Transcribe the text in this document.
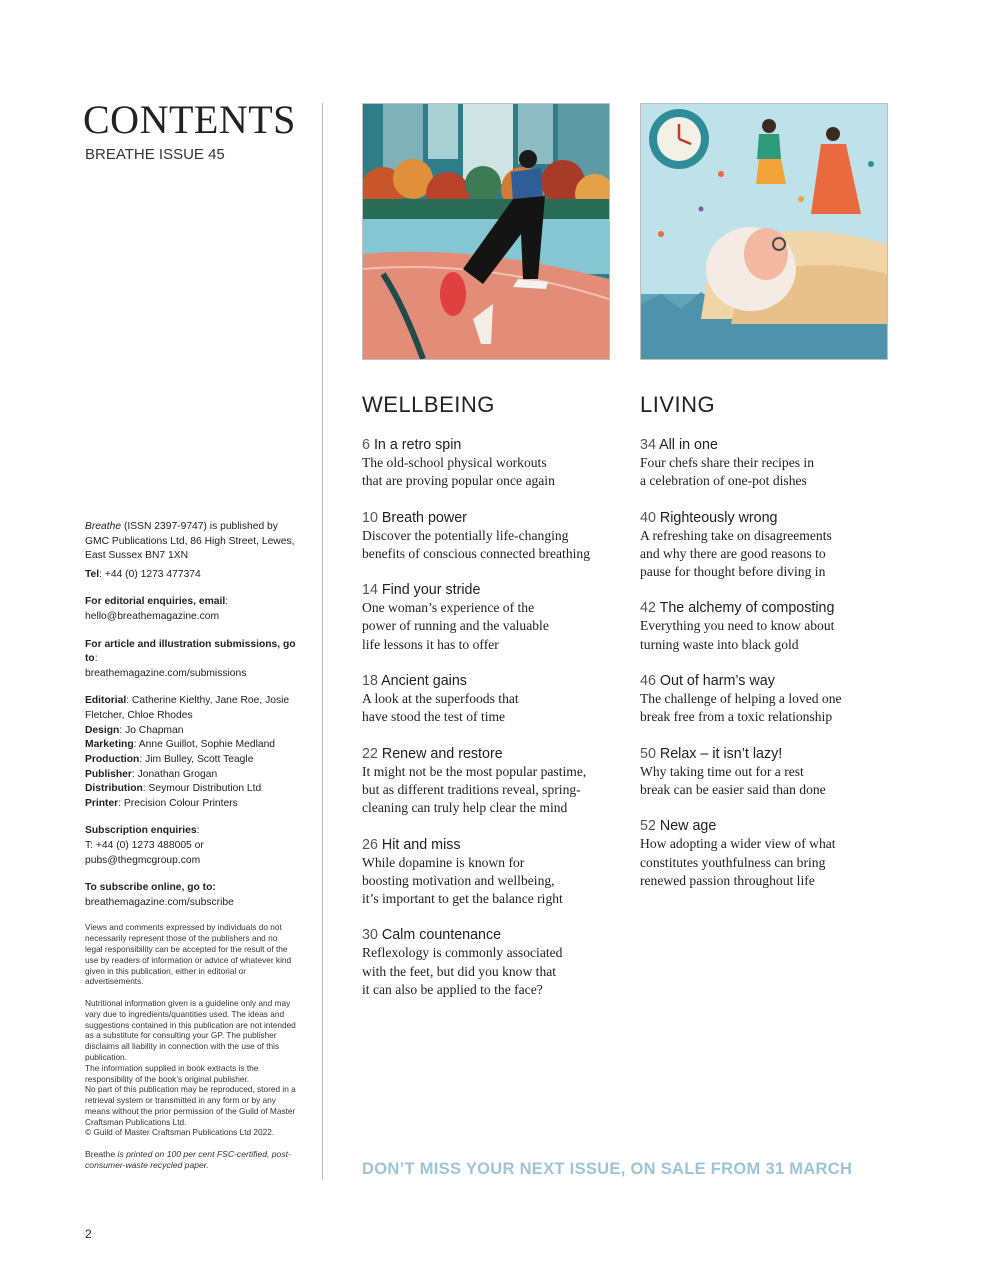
CONTENTS
BREATHE ISSUE 45

Breathe (ISSN 2397-9747) is published by GMC Publications Ltd, 86 High Street, Lewes, East Sussex BN7 1XN

Tel: +44 (0) 1273 477374

For editorial enquiries, email:

hello@breathemagazine.com

For article and illustration submissions, go to:

breathemagazine.com/submissions

Editorial: Catherine Kielthy, Jane Roe, Josie Fletcher, Chloe Rhodes

Design: Jo Chapman

Marketing: Anne Guillot, Sophie Medland

Production: Jim Bulley, Scott Teagle

Publisher: Jonathan Grogan

Distribution: Seymour Distribution Ltd

Printer: Precision Colour Printers

Subscription enquiries:

T: +44 (0) 1273 488005 or

pubs@thegmcgroup.com

To subscribe online, go to:

breathemagazine.com/subscribe

Views and comments expressed by individuals do not necessarily represent those of the publishers and no legal responsibility can be accepted for the result of the use by readers of information or advice of whatever kind given in this publication, either in editorial or advertisements.

Nutritional information given is a guideline only and may vary due to ingredients/quantities used. The ideas and suggestions contained in this publication are not intended as a substitute for consulting your GP. The publisher disclaims all liability in connection with the use of this publication.

The information supplied in book extracts is the responsibility of the book’s original publisher.

No part of this publication may be reproduced, stored in a retrieval system or transmitted in any form or by any means without the prior permission of the Guild of Master Craftsman Publications Ltd.

© Guild of Master Craftsman Publications Ltd 2022.

Breathe is printed on 100 per cent FSC-certified, post-consumer-waste recycled paper.

2
WELLBEING	LIVING
6 In a retro spin
The old-school physical workouts
that are proving popular once again
10 Breath power
Discover the potentially life-changing
benefits of conscious connected breathing
14 Find your stride
One woman’s experience of the
power of running and the valuable
life lessons it has to offer
18 Ancient gains
A look at the superfoods that
have stood the test of time
22 Renew and restore
It might not be the most popular pastime,
but as different traditions reveal, spring-
cleaning can truly help clear the mind
26 Hit and miss
While dopamine is known for
boosting motivation and wellbeing,
it’s important to get the balance right
30 Calm countenance
Reflexology is commonly associated
with the feet, but did you know that
it can also be applied to the face?
34 All in one
Four chefs share their recipes in
a celebration of one-pot dishes
40 Righteously wrong
A refreshing take on disagreements
and why there are good reasons to
pause for thought before diving in
42 The alchemy of composting
Everything you need to know about
turning waste into black gold
46 Out of harm’s way
The challenge of helping a loved one
break free from a toxic relationship
50 Relax – it isn’t lazy!
Why taking time out for a rest
break can be easier said than done
52 New age
How adopting a wider view of what
constitutes youthfulness can bring
renewed passion throughout life
DON’T MISS YOUR NEXT ISSUE, ON SALE FROM 31 MARCH
